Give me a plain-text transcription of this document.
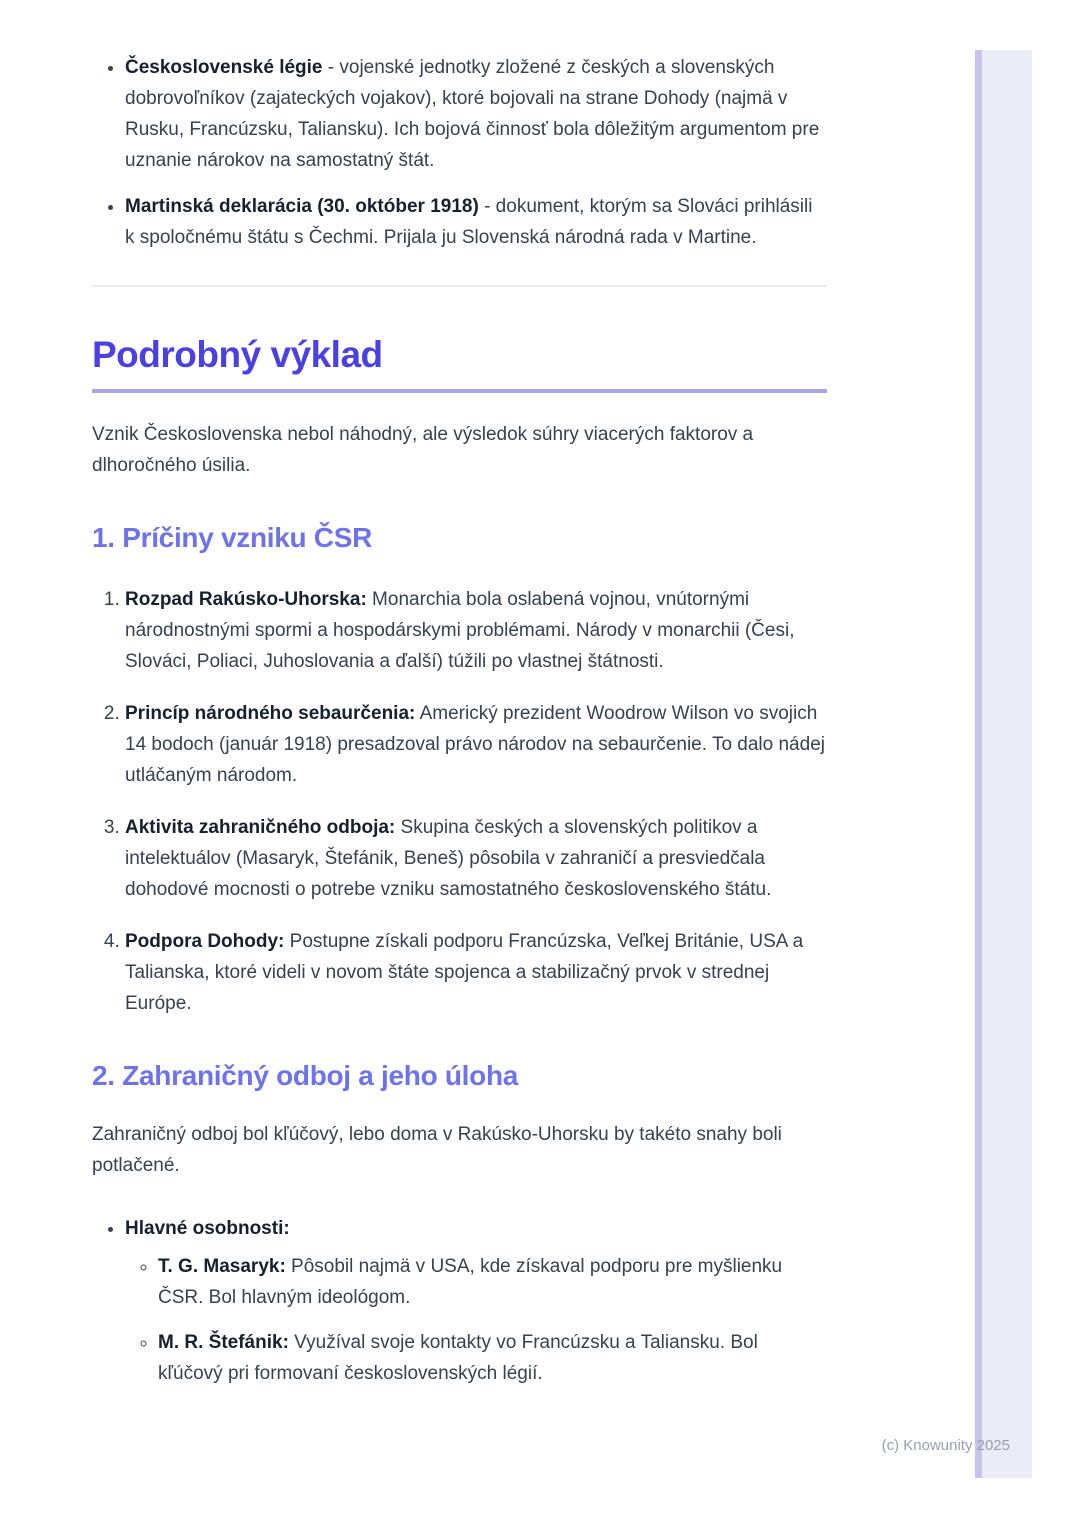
• Československé légie - vojenské jednotky zložené z českých a slovenských dobrovoľníkov (zajateckých vojakov), ktoré bojovali na strane Dohody (najmä v Rusku, Francúzsku, Taliansku). Ich bojová činnosť bola dôležitým argumentom pre uznanie nárokov na samostatný štát.
• Martinská deklarácia (30. október 1918) - dokument, ktorým sa Slováci prihlásili k spoločnému štátu s Čechmi. Prijala ju Slovenská národná rada v Martine.
Podrobný výklad

Vznik Československa nebol náhodný, ale výsledok súhry viacerých faktorov a dlhoročného úsilia.

1. Príčiny vzniku ČSR
1. Rozpad Rakúsko-Uhorska: Monarchia bola oslabená vojnou, vnútornými národnostnými spormi a hospodárskymi problémami. Národy v monarchii (Česi, Slováci, Poliaci, Juhoslovania a ďalší) túžili po vlastnej štátnosti.
2. Princíp národného sebaurčenia: Americký prezident Woodrow Wilson vo svojich 14 bodoch (január 1918) presadzoval právo národov na sebaurčenie. To dalo nádej utláčaným národom.
3. Aktivita zahraničného odboja: Skupina českých a slovenských politikov a intelektuálov (Masaryk, Štefánik, Beneš) pôsobila v zahraničí a presviedčala dohodové mocnosti o potrebe vzniku samostatného československého štátu.
4. Podpora Dohody: Postupne získali podporu Francúzska, Veľkej Británie, USA a Talianska, ktoré videli v novom štáte spojenca a stabilizačný prvok v strednej Európe.
2. Zahraničný odboj a jeho úloha

Zahraničný odboj bol kľúčový, lebo doma v Rakúsko-Uhorsku by takéto snahy boli potlačené.

• Hlavné osobnosti:
◦ T. G. Masaryk: Pôsobil najmä v USA, kde získaval podporu pre myšlienku ČSR. Bol hlavným ideológom.
◦ M. R. Štefánik: Využíval svoje kontakty vo Francúzsku a Taliansku. Bol kľúčový pri formovaní československých légií.
(c) Knowunity 2025
